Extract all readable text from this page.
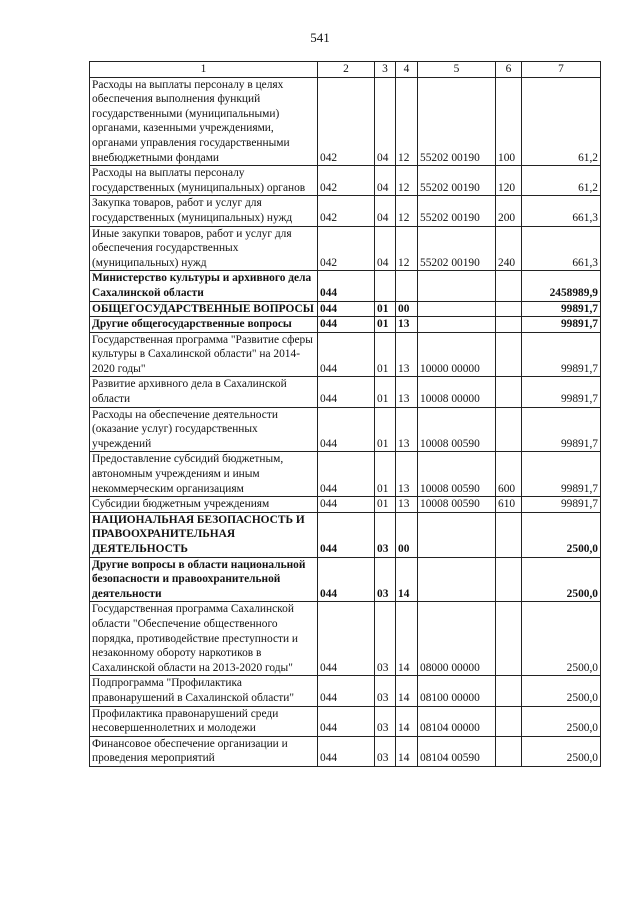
541
1	2	3	4	5	6	7
Расходы на выплаты персоналу в целях обеспечения выполнения функций государственными (муниципальными) органами, казенными учреждениями, органами управления государственными внебюджетными фондами	042	04	12	55202 00190	100	61,2
Расходы на выплаты персоналу государственных (муниципальных) органов	042	04	12	55202 00190	120	61,2
Закупка товаров, работ и услуг для государственных (муниципальных) нужд	042	04	12	55202 00190	200	661,3
Иные закупки товаров, работ и услуг для обеспечения государственных (муниципальных) нужд	042	04	12	55202 00190	240	661,3
Министерство культуры и архивного дела Сахалинской области	044					2458989,9
ОБЩЕГОСУДАРСТВЕННЫЕ ВОПРОСЫ	044	01	00			99891,7
Другие общегосударственные вопросы	044	01	13			99891,7
Государственная программа "Развитие сферы культуры в Сахалинской области" на 2014-2020 годы"	044	01	13	10000 00000		99891,7
Развитие архивного дела в Сахалинской области	044	01	13	10008 00000		99891,7
Расходы на обеспечение деятельности (оказание услуг) государственных учреждений	044	01	13	10008 00590		99891,7
Предоставление субсидий бюджетным, автономным учреждениям и иным некоммерческим организациям	044	01	13	10008 00590	600	99891,7
Субсидии бюджетным учреждениям	044	01	13	10008 00590	610	99891,7
НАЦИОНАЛЬНАЯ БЕЗОПАСНОСТЬ И ПРАВООХРАНИТЕЛЬНАЯ ДЕЯТЕЛЬНОСТЬ	044	03	00			2500,0
Другие вопросы в области национальной безопасности и правоохранительной деятельности	044	03	14			2500,0
Государственная программа Сахалинской области "Обеспечение общественного порядка, противодействие преступности и незаконному обороту наркотиков в Сахалинской области на 2013-2020 годы"	044	03	14	08000 00000		2500,0
Подпрограмма "Профилактика правонарушений в Сахалинской области"	044	03	14	08100 00000		2500,0
Профилактика правонарушений среди несовершеннолетних и молодежи	044	03	14	08104 00000		2500,0
Финансовое обеспечение организации и проведения мероприятий	044	03	14	08104 00590		2500,0
